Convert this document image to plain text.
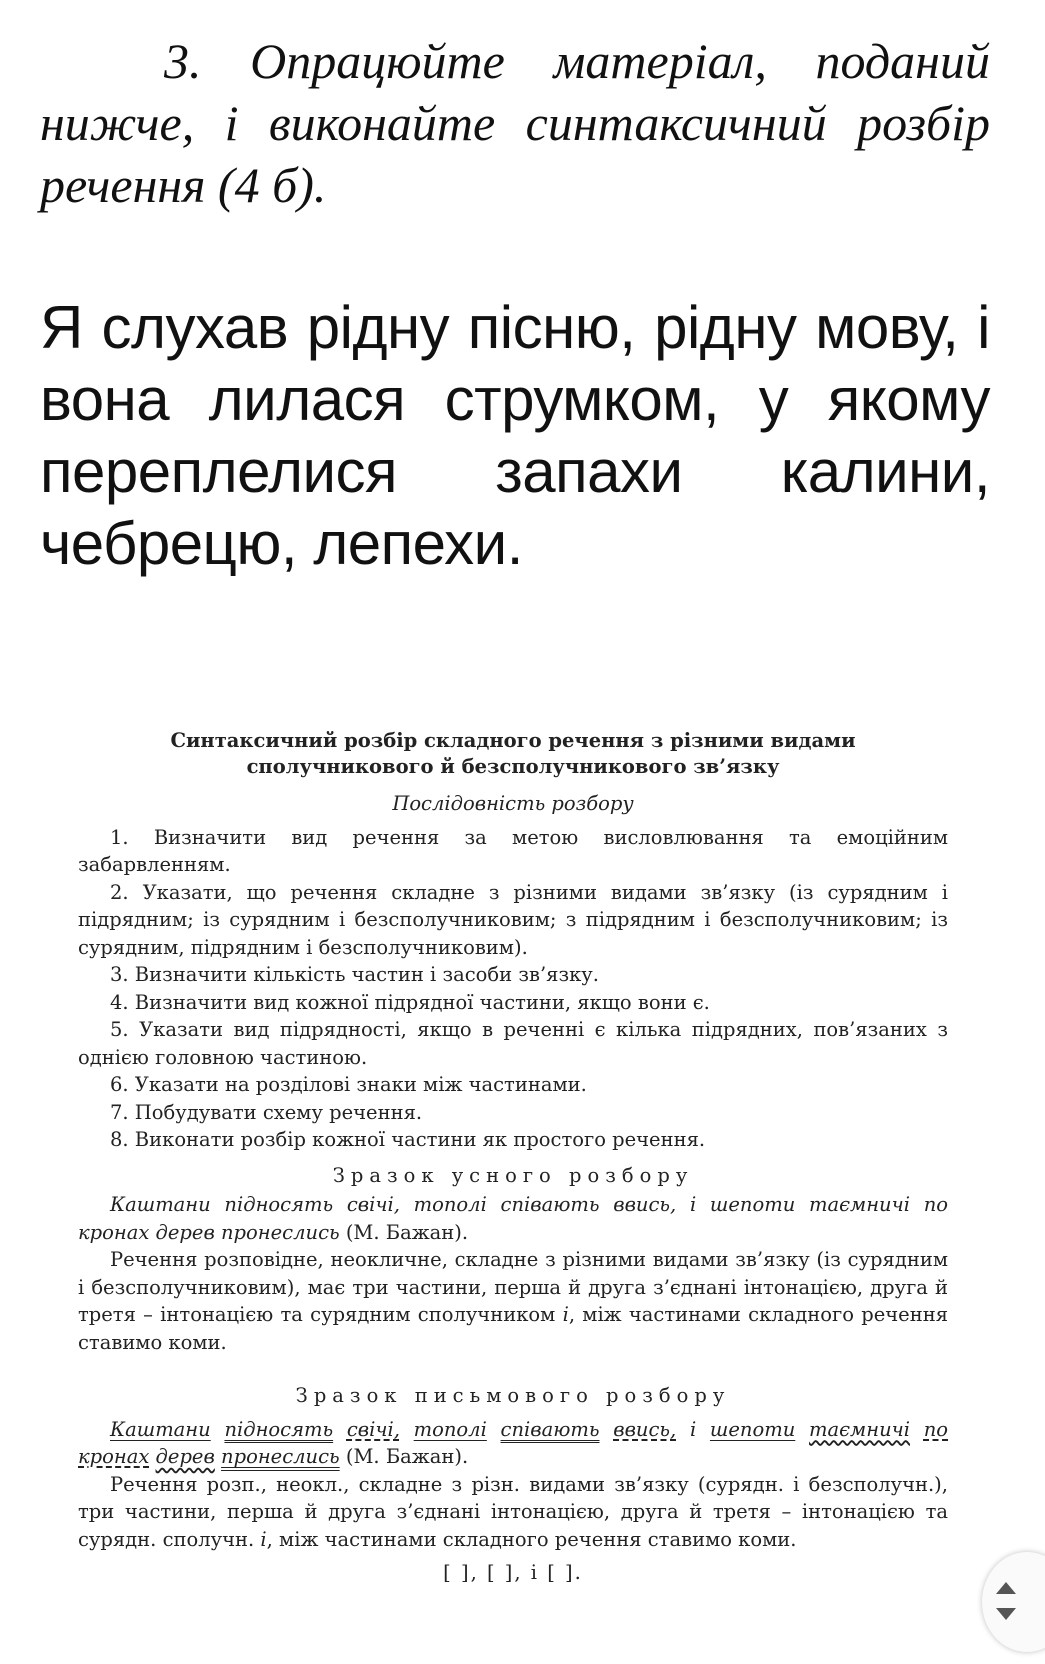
3. Опрацюйте матеріал, поданий нижче, і виконайте синтаксичний розбір речення (4 б).
Я слухав рідну пісню, рідну мову, і вона лилася струмком, у якому переплелися запахи калини, чебрецю, лепехи.
Синтаксичний розбір складного речення з різними видами сполучникового й безсполучникового зв’язку
Послідовність розбору

1. Визначити вид речення за метою висловлювання та емоційним забарвленням.

2. Указати, що речення складне з різними видами зв’язку (із сурядним і підрядним; із сурядним і безсполучниковим; з підрядним і безсполучниковим; із сурядним, підрядним і безсполучниковим).

3. Визначити кількість частин і засоби зв’язку.

4. Визначити вид кожної підрядної частини, якщо вони є.

5. Указати вид підрядності, якщо в реченні є кілька підрядних, пов’язаних з однією головною частиною.

6. Указати на розділові знаки між частинами.

7. Побудувати схему речення.

8. Виконати розбір кожної частини як простого речення.

Зразок усного розбору

Каштани підносять свічі, тополі співають ввись, і шепоти таємничі по кронах дерев пронеслись (М. Бажан).

Речення розповідне, неокличне, складне з різними видами зв’язку (із сурядним і безсполучниковим), має три частини, перша й друга з’єднані інтонацією, друга й третя – інтонацією та сурядним сполучником і, між частинами складного речення ставимо коми.

Зразок письмового розбору

Каштани підносять свічі, тополі співають ввись, і шепоти таємничі по кронах дерев пронеслись (М. Бажан).

Речення розп., неокл., складне з різн. видами зв’язку (сурядн. і безсполучн.), три частини, перша й друга з’єднані інтонацією, друга й третя – інтонацією та сурядн. сполучн. і, між частинами складного речення ставимо коми.

[ ], [ ], і [ ].
